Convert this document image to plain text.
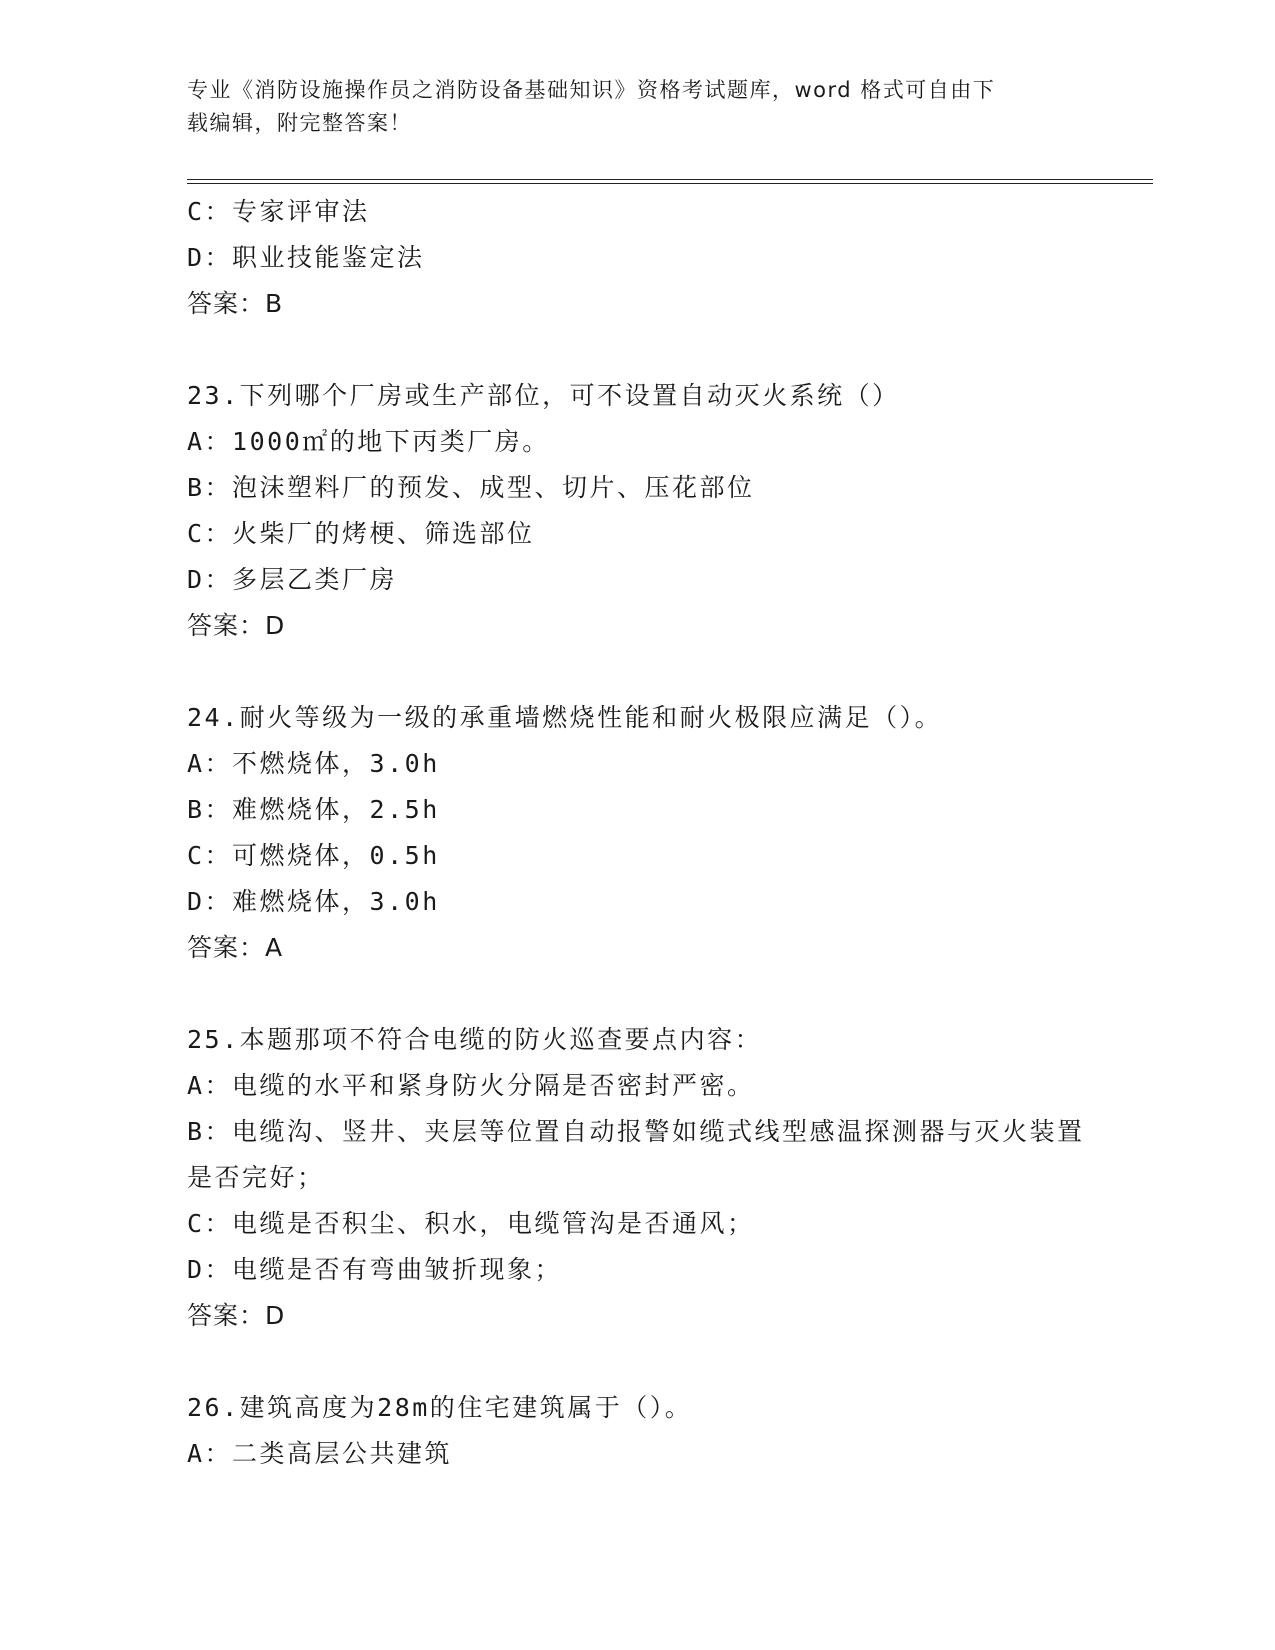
专业《消防设施操作员之消防设备基础知识》资格考试题库，word 格式可自由下
载编辑，附完整答案！
C：专家评审法
D：职业技能鉴定法
答案：B
23.下列哪个厂房或生产部位，可不设置自动灭火系统（）
A：1000㎡的地下丙类厂房。
B：泡沫塑料厂的预发、成型、切片、压花部位
C：火柴厂的烤梗、筛选部位
D：多层乙类厂房
答案：D
24.耐火等级为一级的承重墙燃烧性能和耐火极限应满足（）。
A：不燃烧体，3.0h
B：难燃烧体，2.5h
C：可燃烧体，0.5h
D：难燃烧体，3.0h
答案：A
25.本题那项不符合电缆的防火巡查要点内容：
A：电缆的水平和紧身防火分隔是否密封严密。
B：电缆沟、竖井、夹层等位置自动报警如缆式线型感温探测器与灭火装置是否完好；
C：电缆是否积尘、积水，电缆管沟是否通风；
D：电缆是否有弯曲皱折现象；
答案：D
26.建筑高度为28m的住宅建筑属于（）。
A：二类高层公共建筑
